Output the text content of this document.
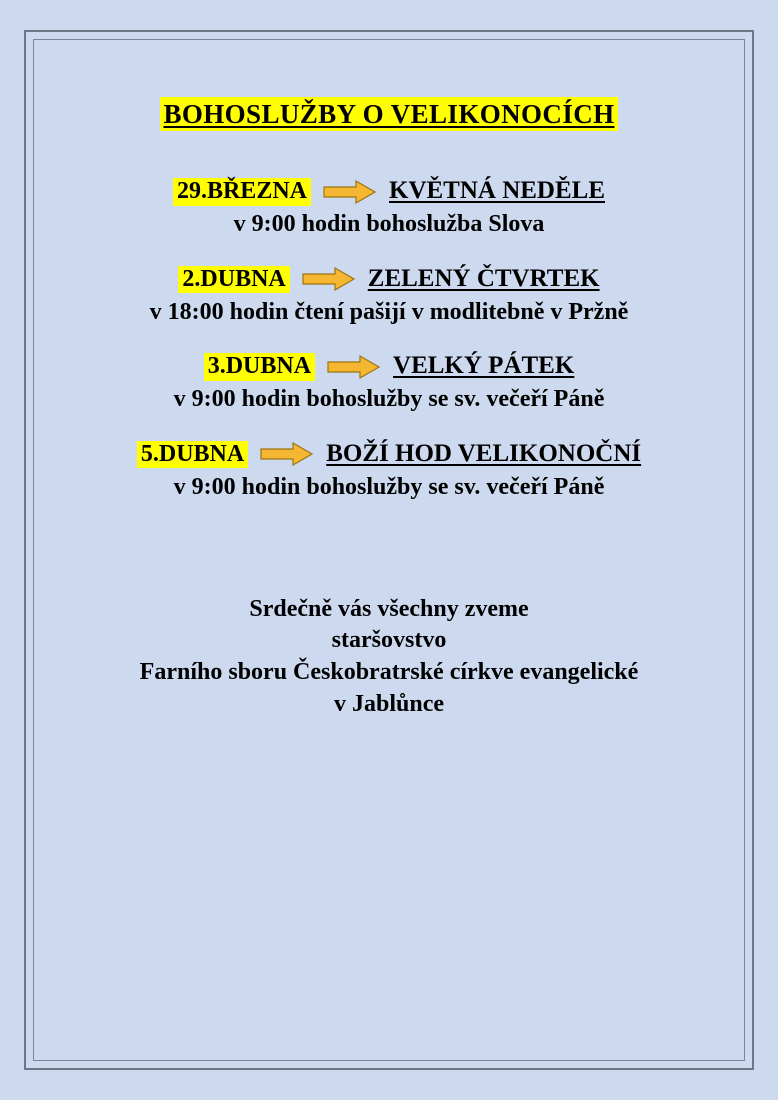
BOHOSLUŽBY O VELIKONOCÍCH
29.BŘEZNA	KVĚTNÁ NEDĚLE
v 9:00 hodin bohoslužba Slova
2.DUBNA	ZELENÝ ČTVRTEK
v 18:00 hodin čtení pašijí v modlitebně v Pržně
3.DUBNA	VELKÝ PÁTEK
v 9:00 hodin bohoslužby se sv. večeří Páně
5.DUBNA	BOŽÍ HOD VELIKONOČNÍ
v 9:00 hodin bohoslužby se sv. večeří Páně
Srdečně vás všechny zveme
staršovstvo
Farního sboru Českobratrské církve evangelické
v Jablůnce
